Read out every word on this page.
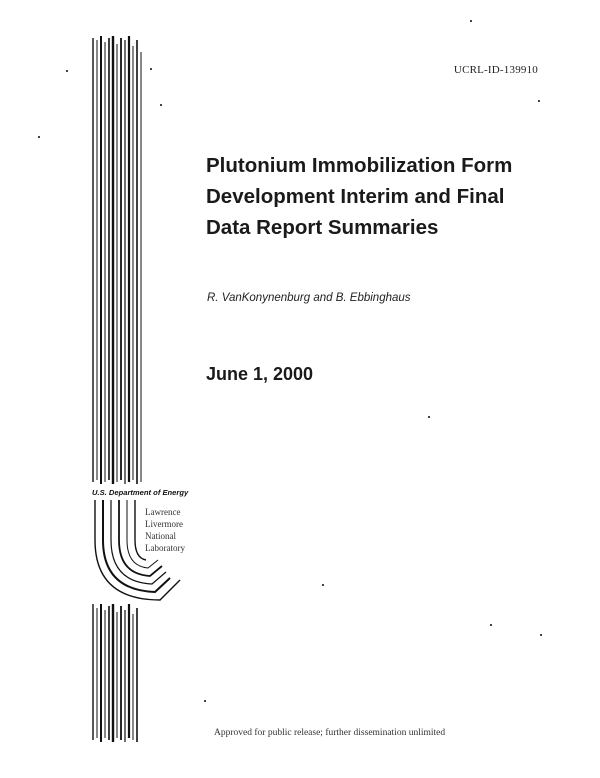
UCRL-ID-139910
Plutonium Immobilization Form
Development Interim and Final
Data Report Summaries
R. VanKonynenburg and B. Ebbinghaus
June 1, 2000
U.S. Department of Energy
Lawrence
Livermore
National
Laboratory
Approved for public release; further dissemination unlimited
